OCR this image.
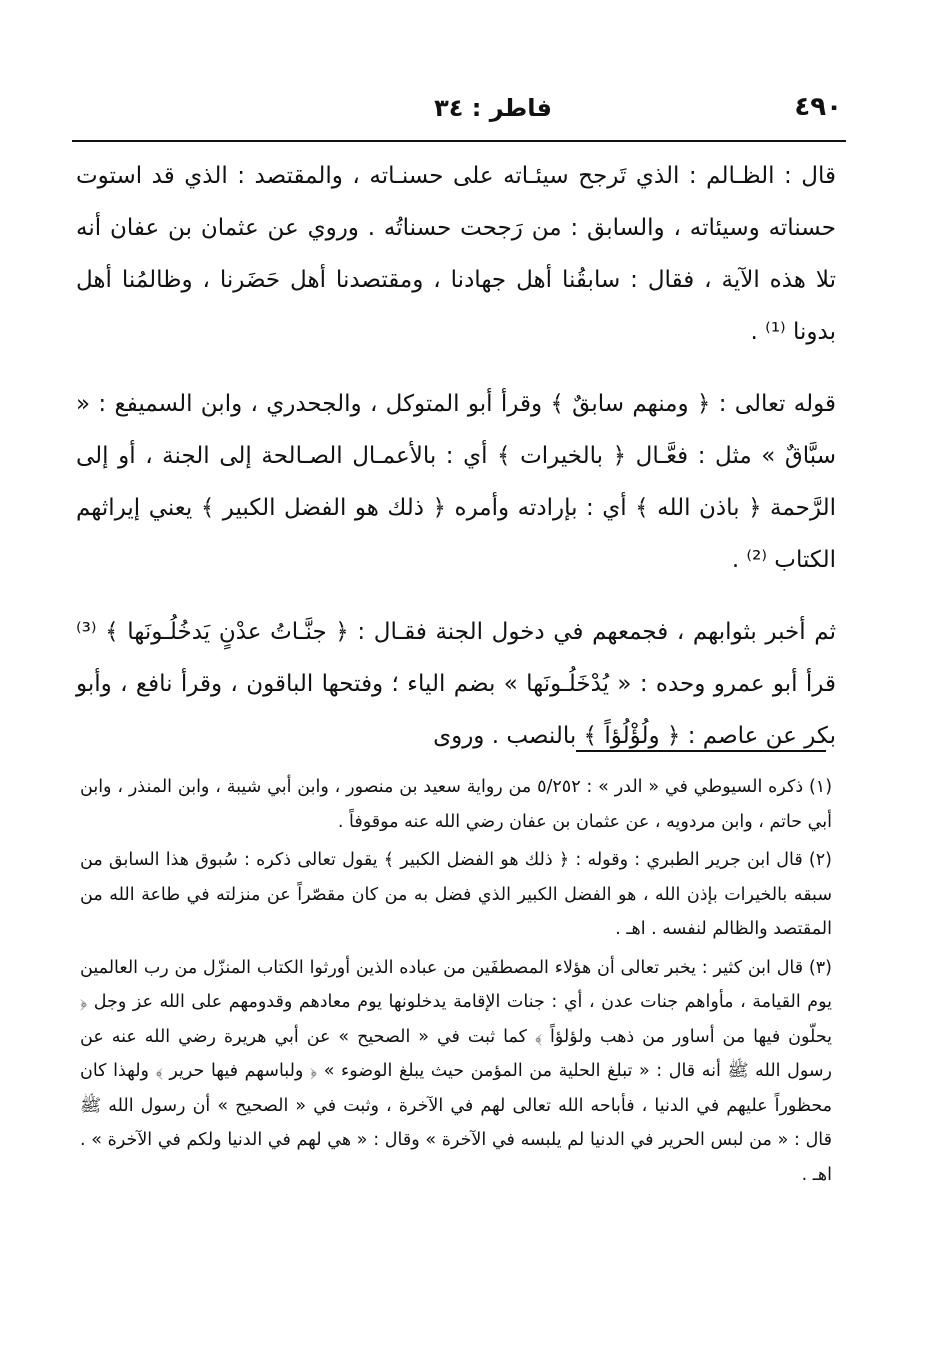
٤٩٠
فاطر : ٣٤

قال : الظـالم : الذي تَرجح سيئـاته على حسنـاته ، والمقتصد : الذي قد استوت حسناته وسيئاته ، والسابق : من رَجحت حسناتُه . وروي عن عثمان بن عفان أنه تلا هذه الآية ، فقال : سابقُنا أهل جهادنا ، ومقتصدنا أهل حَضَرنا ، وظالمُنا أهل بدونا ⁽¹⁾ .

قوله تعالى : ﴿ ومنهم سابقٌ ﴾ وقرأ أبو المتوكل ، والجحدري ، وابن السميفع : « سبَّاقٌ » مثل : فعَّـال ﴿ بالخيرات ﴾ أي : بالأعمـال الصـالحة إلى الجنة ، أو إلى الرَّحمة ﴿ باذن الله ﴾ أي : بإرادته وأمره ﴿ ذلك هو الفضل الكبير ﴾ يعني إيراثهم الكتاب ⁽²⁾ .

ثم أخبر بثوابهم ، فجمعهم في دخول الجنة فقـال : ﴿ جنَّـاتُ عدْنٍ يَدخُلُـونَها ﴾ ⁽³⁾ قرأ أبو عمرو وحده : « يُدْخَلُـونَها » بضم الياء ؛ وفتحها الباقون ، وقرأ نافع ، وأبو بكر عن عاصم : ﴿ ولُؤْلُؤاً ﴾ بالنصب . وروى

(١) ذكره السيوطي في « الدر » : ٥/٢٥٢ من رواية سعيد بن منصور ، وابن أبي شيبة ، وابن المنذر ، وابن أبي حاتم ، وابن مردويه ، عن عثمان بن عفان رضي الله عنه موقوفاً .

(٢) قال ابن جرير الطبري : وقوله : ﴿ ذلك هو الفضل الكبير ﴾ يقول تعالى ذكره : سُبوق هذا السابق من سبقه بالخيرات بإذن الله ، هو الفضل الكبير الذي فضل به من كان مقصّراً عن منزلته في طاعة الله من المقتصد والظالم لنفسه . اهـ .

(٣) قال ابن كثير : يخبر تعالى أن هؤلاء المصطفَين من عباده الذين أورثوا الكتاب المنزّل من رب العالمين يوم القيامة ، مأواهم جنات عدن ، أي : جنات الإقامة يدخلونها يوم معادهم وقدومهم على الله عز وجل ﴿ يحلّون فيها من أساور من ذهب ولؤلؤاً ﴾ كما ثبت في « الصحيح » عن أبي هريرة رضي الله عنه عن رسول الله ﷺ أنه قال : « تبلغ الحلية من المؤمن حيث يبلغ الوضوء » ﴿ ولباسهم فيها حرير ﴾ ولهذا كان محظوراً عليهم في الدنيا ، فأباحه الله تعالى لهم في الآخرة ، وثبت في « الصحيح » أن رسول الله ﷺ قال : « من لبس الحرير في الدنيا لم يلبسه في الآخرة » وقال : « هي لهم في الدنيا ولكم في الآخرة » . اهـ .
